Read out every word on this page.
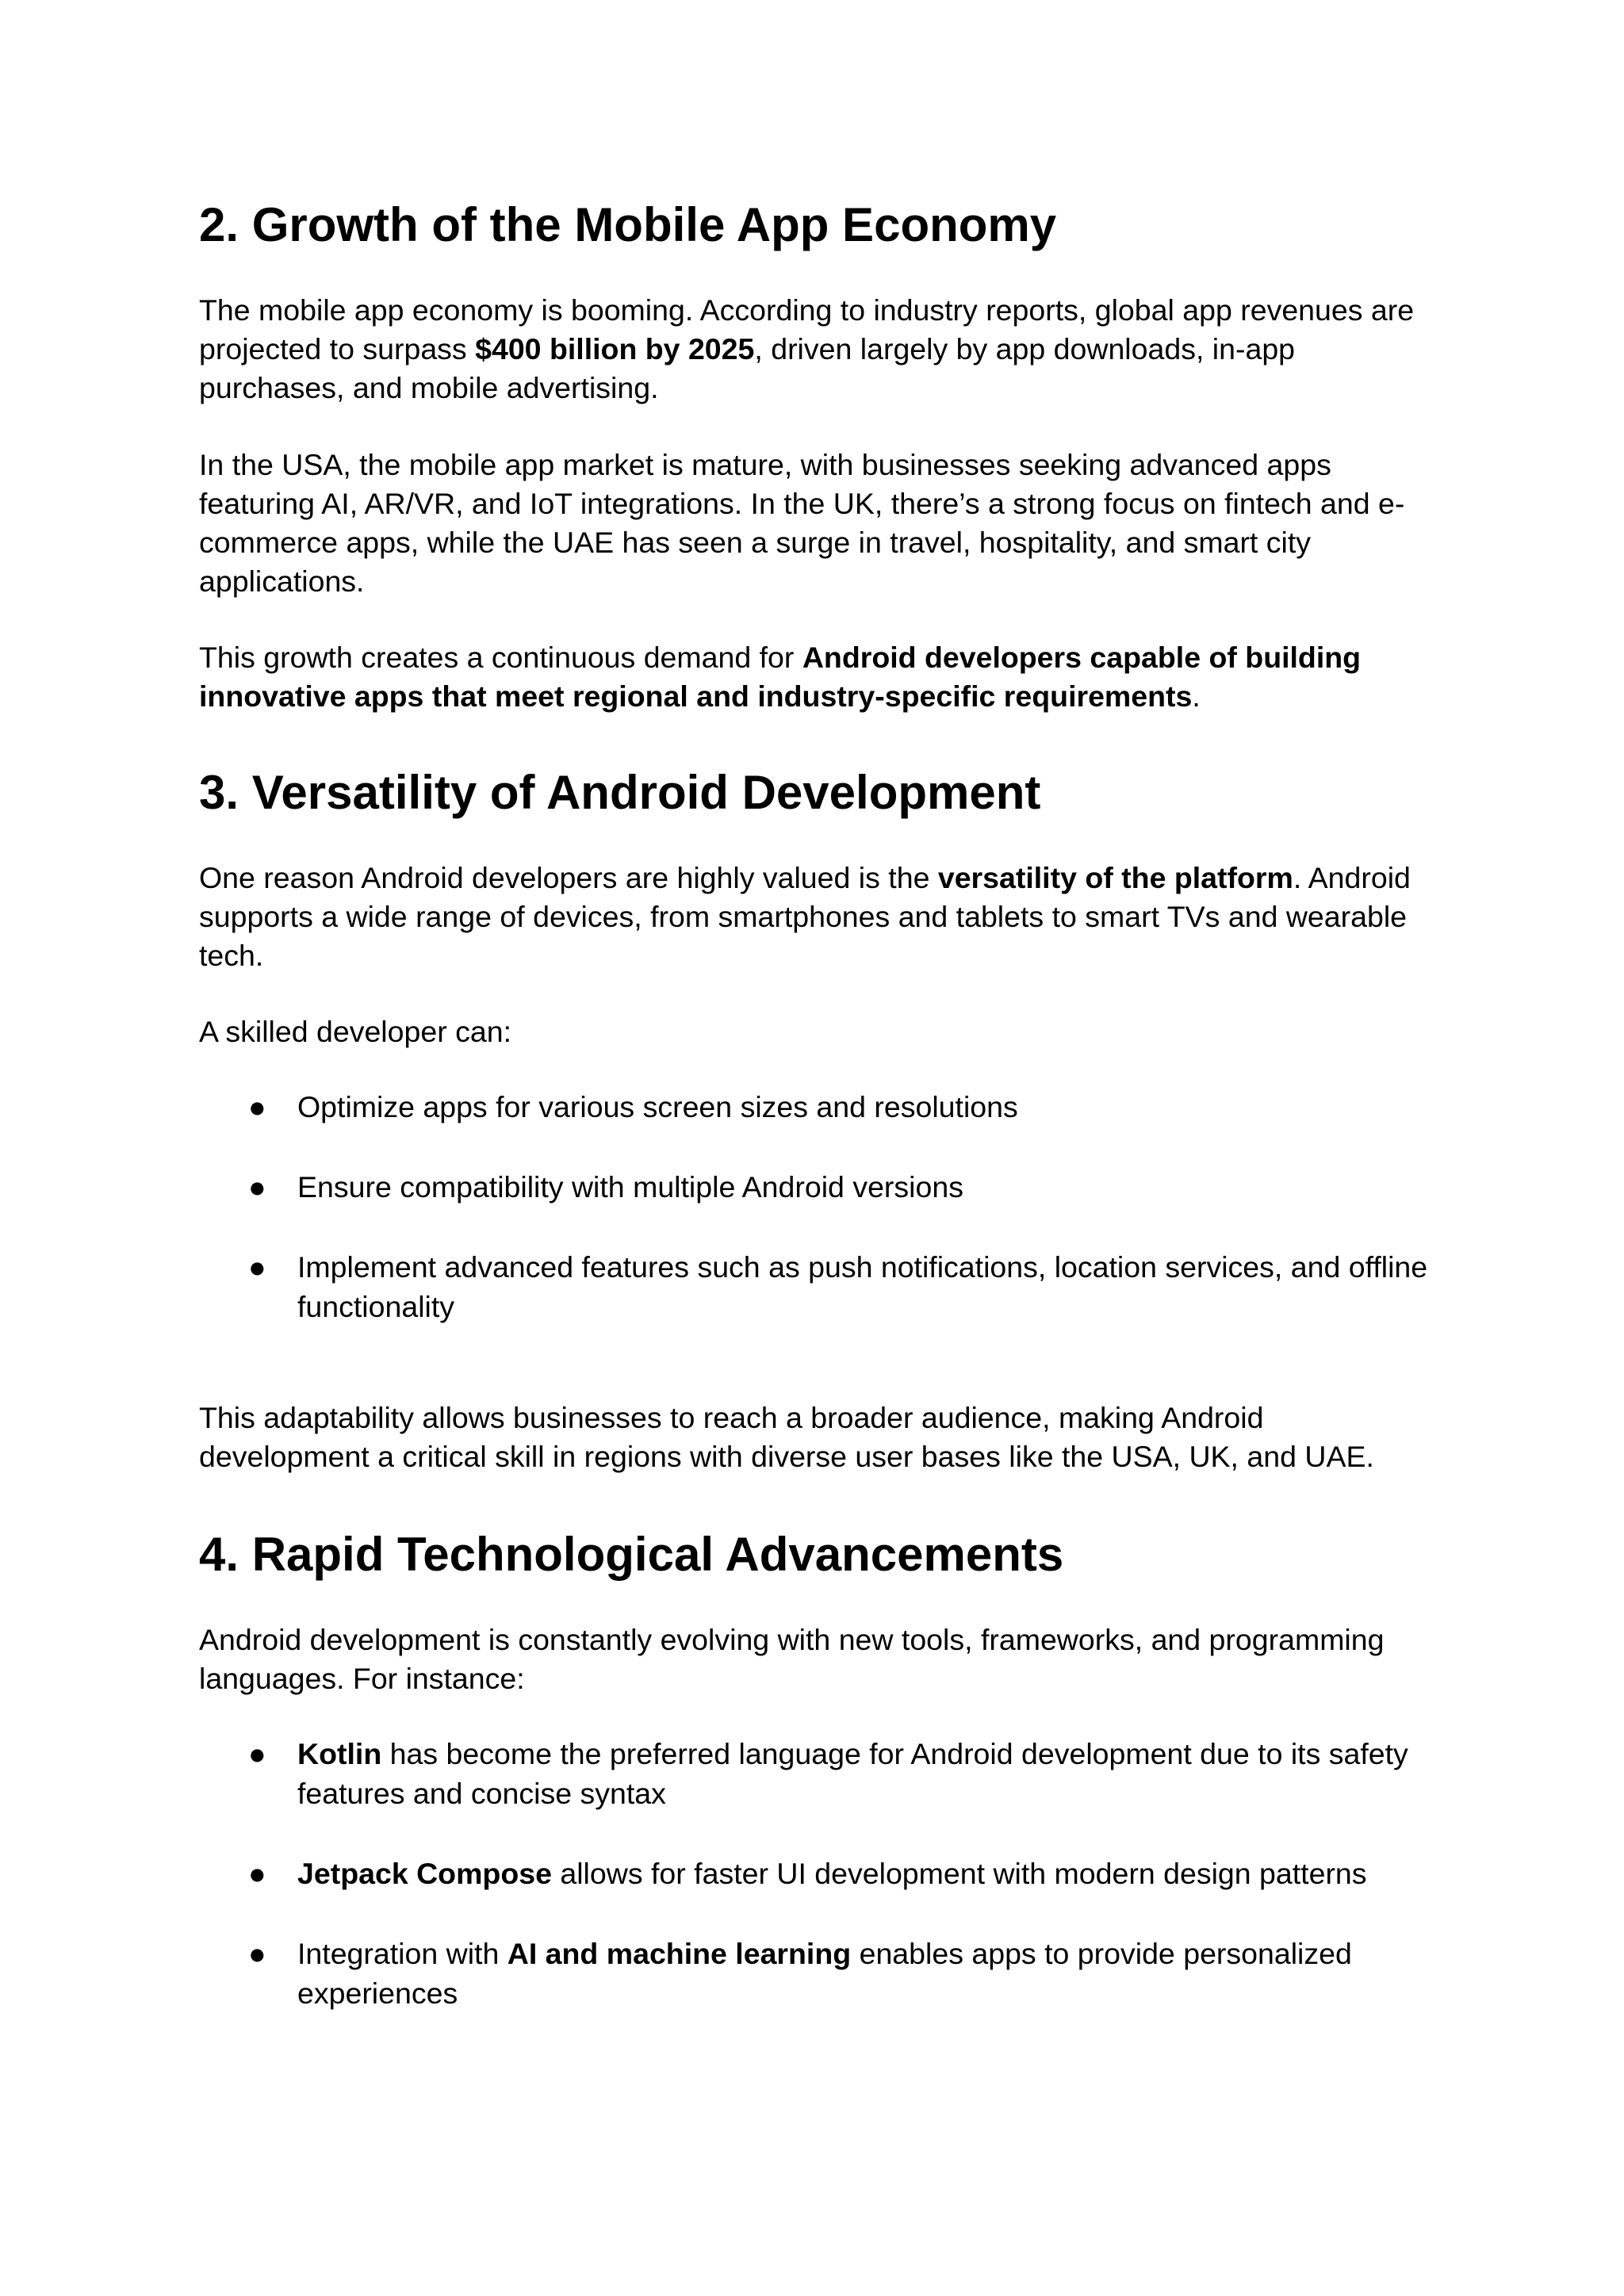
2. Growth of the Mobile App Economy

The mobile app economy is booming. According to industry reports, global app revenues are projected to surpass $400 billion by 2025, driven largely by app downloads, in-app purchases, and mobile advertising.

In the USA, the mobile app market is mature, with businesses seeking advanced apps featuring AI, AR/VR, and IoT integrations. In the UK, there’s a strong focus on fintech and e-commerce apps, while the UAE has seen a surge in travel, hospitality, and smart city applications.

This growth creates a continuous demand for Android developers capable of building innovative apps that meet regional and industry-specific requirements.

3. Versatility of Android Development

One reason Android developers are highly valued is the versatility of the platform. Android supports a wide range of devices, from smartphones and tablets to smart TVs and wearable tech.

A skilled developer can:

● Optimize apps for various screen sizes and resolutions
● Ensure compatibility with multiple Android versions
● Implement advanced features such as push notifications, location services, and offline functionality

This adaptability allows businesses to reach a broader audience, making Android development a critical skill in regions with diverse user bases like the USA, UK, and UAE.

4. Rapid Technological Advancements

Android development is constantly evolving with new tools, frameworks, and programming languages. For instance:

● Kotlin has become the preferred language for Android development due to its safety features and concise syntax
● Jetpack Compose allows for faster UI development with modern design patterns
● Integration with AI and machine learning enables apps to provide personalized experiences
